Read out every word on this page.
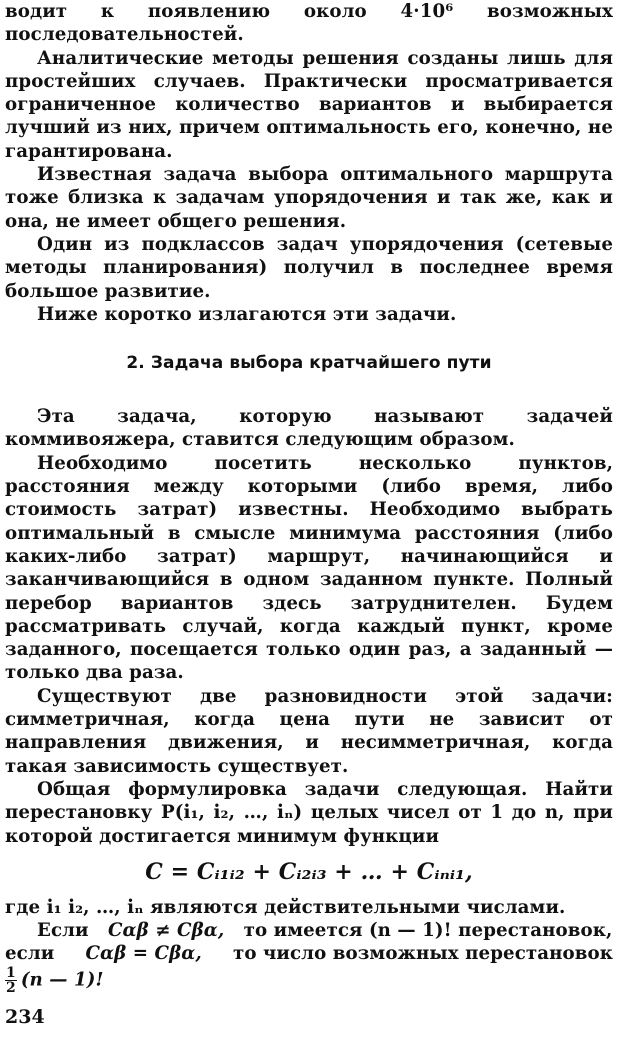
водит к появлению около 4·10⁶ возможных последовательностей.

Аналитические методы решения созданы лишь для простейших случаев. Практически просматривается ограниченное количество вариантов и выбирается лучший из них, причем оптимальность его, конечно, не гарантирована.

Известная задача выбора оптимального маршрута тоже близка к задачам упорядочения и так же, как и она, не имеет общего решения.

Один из подклассов задач упорядочения (сетевые методы планирования) получил в последнее время большое развитие.

Ниже коротко излагаются эти задачи.

2. Задача выбора кратчайшего пути

Эта задача, которую называют задачей коммивояжера, ставится следующим образом.

Необходимо посетить несколько пунктов, расстояния между которыми (либо время, либо стоимость затрат) известны. Необходимо выбрать оптимальный в смысле минимума расстояния (либо каких-либо затрат) маршрут, начинающийся и заканчивающийся в одном заданном пункте. Полный перебор вариантов здесь затруднителен. Будем рассматривать случай, когда каждый пункт, кроме заданного, посещается только один раз, а заданный — только два раза.

Существуют две разновидности этой задачи: симметричная, когда цена пути не зависит от направления движения, и несимметричная, когда такая зависимость существует.

Общая формулировка задачи следующая. Найти перестановку P(i₁, i₂, …, iₙ) целых чисел от 1 до n, при которой достигается минимум функции

C = Cᵢ₁ᵢ₂ + Cᵢ₂ᵢ₃ + … + Cᵢₙᵢ₁,

где i₁ i₂, …, iₙ являются действительными числами.

Если Cαβ ≠ Cβα, то имеется (n — 1)! перестановок,
если Cαβ = Cβα, то число возможных перестановок
$\frac{1}{2} (n$ — 1)!
234
